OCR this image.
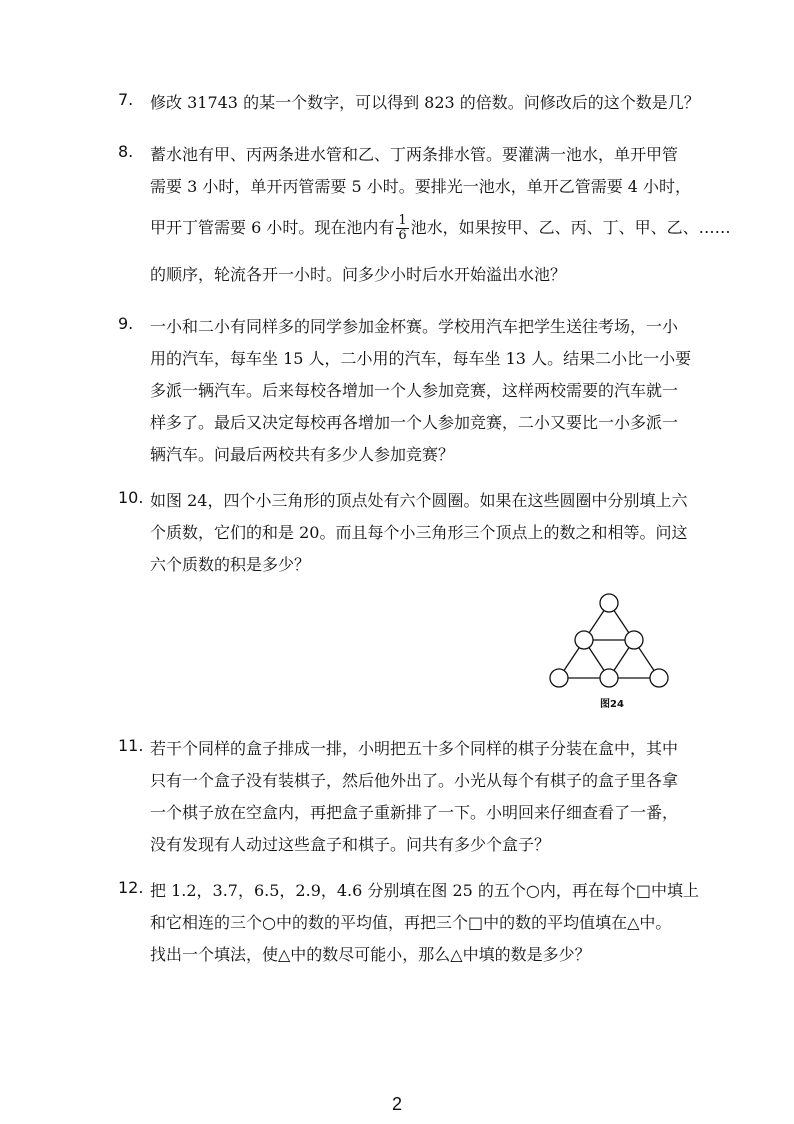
7. 修改 31743 的某一个数字，可以得到 823 的倍数。问修改后的这个数是几？
8. 蓄水池有甲、丙两条进水管和乙、丁两条排水管。要灌满一池水，单开甲管
需要 3 小时，单开丙管需要 5 小时。要排光一池水，单开乙管需要 4 小时，
甲开丁管需要 6 小时。现在池内有 $\frac{1}{6}$ 池水，如果按甲、乙、丙、丁、甲、乙、……
的顺序，轮流各开一小时。问多少小时后水开始溢出水池？
9. 一小和二小有同样多的同学参加金杯赛。学校用汽车把学生送往考场，一小
用的汽车，每车坐 15 人，二小用的汽车，每车坐 13 人。结果二小比一小要
多派一辆汽车。后来每校各增加一个人参加竞赛，这样两校需要的汽车就一
样多了。最后又决定每校再各增加一个人参加竞赛，二小又要比一小多派一
辆汽车。问最后两校共有多少人参加竞赛？
10. 如图 24，四个小三角形的顶点处有六个圆圈。如果在这些圆圈中分别填上六
个质数，它们的和是 20。而且每个小三角形三个顶点上的数之和相等。问这
六个质数的积是多少？
图24
11. 若干个同样的盒子排成一排，小明把五十多个同样的棋子分装在盒中，其中
只有一个盒子没有装棋子，然后他外出了。小光从每个有棋子的盒子里各拿
一个棋子放在空盒内，再把盒子重新排了一下。小明回来仔细查看了一番，
没有发现有人动过这些盒子和棋子。问共有多少个盒子？
12. 把 1.2，3.7，6.5，2.9，4.6 分别填在图 25 的五个○内，再在每个□中填上
和它相连的三个○中的数的平均值，再把三个□中的数的平均值填在△中。
找出一个填法，使△中的数尽可能小，那么△中填的数是多少？
2
